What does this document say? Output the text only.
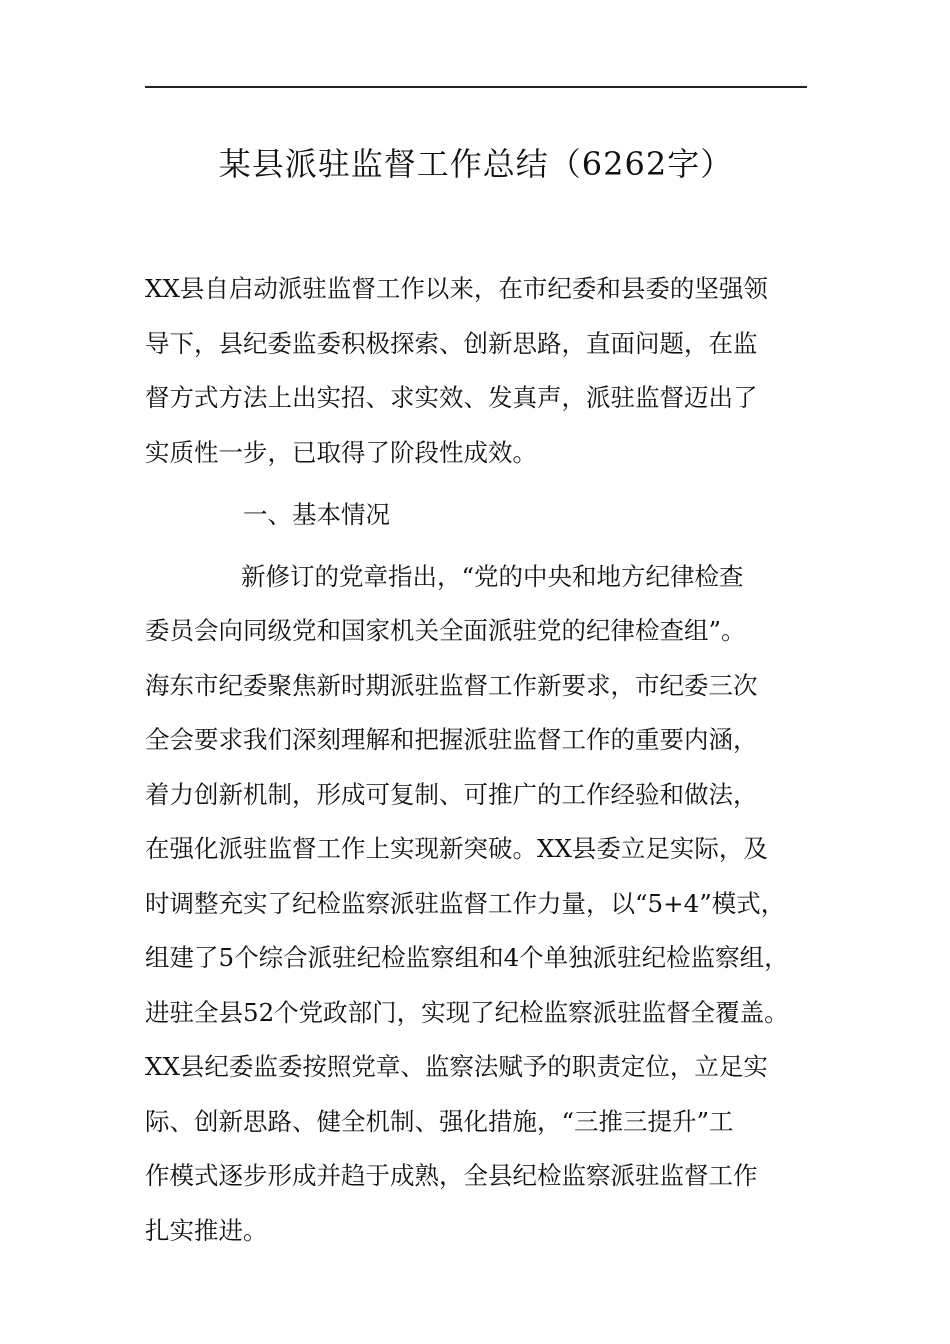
某县派驻监督工作总结（6262字）
XX县自启动派驻监督工作以来，在市纪委和县委的坚强领
导下，县纪委监委积极探索、创新思路，直面问题，在监
督方式方法上出实招、求实效、发真声，派驻监督迈出了
实质性一步，已取得了阶段性成效。
一、基本情况
新修订的党章指出，“党的中央和地方纪律检查
委员会向同级党和国家机关全面派驻党的纪律检查组”。
海东市纪委聚焦新时期派驻监督工作新要求，市纪委三次
全会要求我们深刻理解和把握派驻监督工作的重要内涵，
着力创新机制，形成可复制、可推广的工作经验和做法，
在强化派驻监督工作上实现新突破。XX县委立足实际，及
时调整充实了纪检监察派驻监督工作力量，以“5+4”模式，
组建了5个综合派驻纪检监察组和4个单独派驻纪检监察组，
进驻全县52个党政部门，实现了纪检监察派驻监督全覆盖。
XX县纪委监委按照党章、监察法赋予的职责定位，立足实
际、创新思路、健全机制、强化措施，“三推三提升”工
作模式逐步形成并趋于成熟，全县纪检监察派驻监督工作
扎实推进。
